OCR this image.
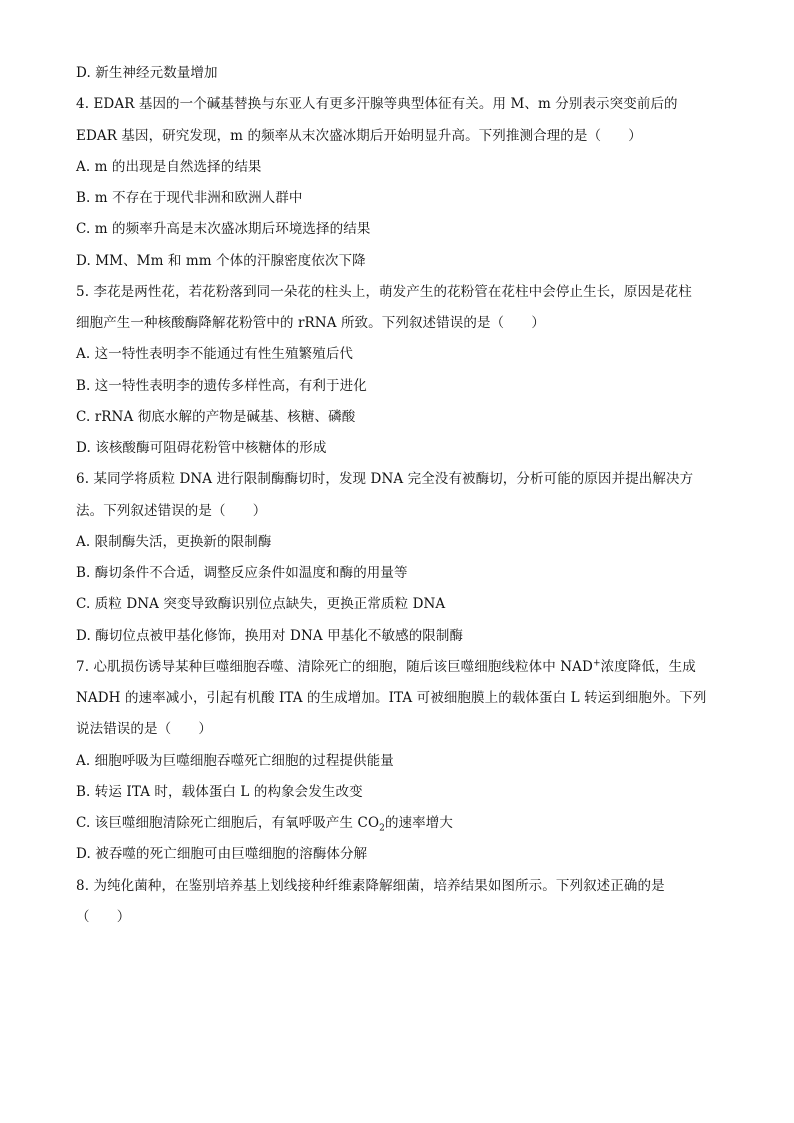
D. 新生神经元数量增加
4. EDAR 基因的一个碱基替换与东亚人有更多汗腺等典型体征有关。用 M、m 分别表示突变前后的
EDAR 基因，研究发现，m 的频率从末次盛冰期后开始明显升高。下列推测合理的是（　　）
A. m 的出现是自然选择的结果
B. m 不存在于现代非洲和欧洲人群中
C. m 的频率升高是末次盛冰期后环境选择的结果
D. MM、Mm 和 mm 个体的汗腺密度依次下降
5. 李花是两性花，若花粉落到同一朵花的柱头上，萌发产生的花粉管在花柱中会停止生长，原因是花柱
细胞产生一种核酸酶降解花粉管中的 rRNA 所致。下列叙述错误的是（　　）
A. 这一特性表明李不能通过有性生殖繁殖后代
B. 这一特性表明李的遗传多样性高，有利于进化
C. rRNA 彻底水解的产物是碱基、核糖、磷酸
D. 该核酸酶可阻碍花粉管中核糖体的形成
6. 某同学将质粒 DNA 进行限制酶酶切时，发现 DNA 完全没有被酶切，分析可能的原因并提出解决方
法。下列叙述错误的是（　　）
A. 限制酶失活，更换新的限制酶
B. 酶切条件不合适，调整反应条件如温度和酶的用量等
C. 质粒 DNA 突变导致酶识别位点缺失，更换正常质粒 DNA
D. 酶切位点被甲基化修饰，换用对 DNA 甲基化不敏感的限制酶
7. 心肌损伤诱导某种巨噬细胞吞噬、清除死亡的细胞，随后该巨噬细胞线粒体中 NAD+浓度降低，生成
NADH 的速率减小，引起有机酸 ITA 的生成增加。ITA 可被细胞膜上的载体蛋白 L 转运到细胞外。下列
说法错误的是（　　）
A. 细胞呼吸为巨噬细胞吞噬死亡细胞的过程提供能量
B. 转运 ITA 时，载体蛋白 L 的构象会发生改变
C. 该巨噬细胞清除死亡细胞后，有氧呼吸产生 $CO_2$的速率增大
D. 被吞噬的死亡细胞可由巨噬细胞的溶酶体分解
8. 为纯化菌种，在鉴别培养基上划线接种纤维素降解细菌，培养结果如图所示。下列叙述正确的是
（　　）
